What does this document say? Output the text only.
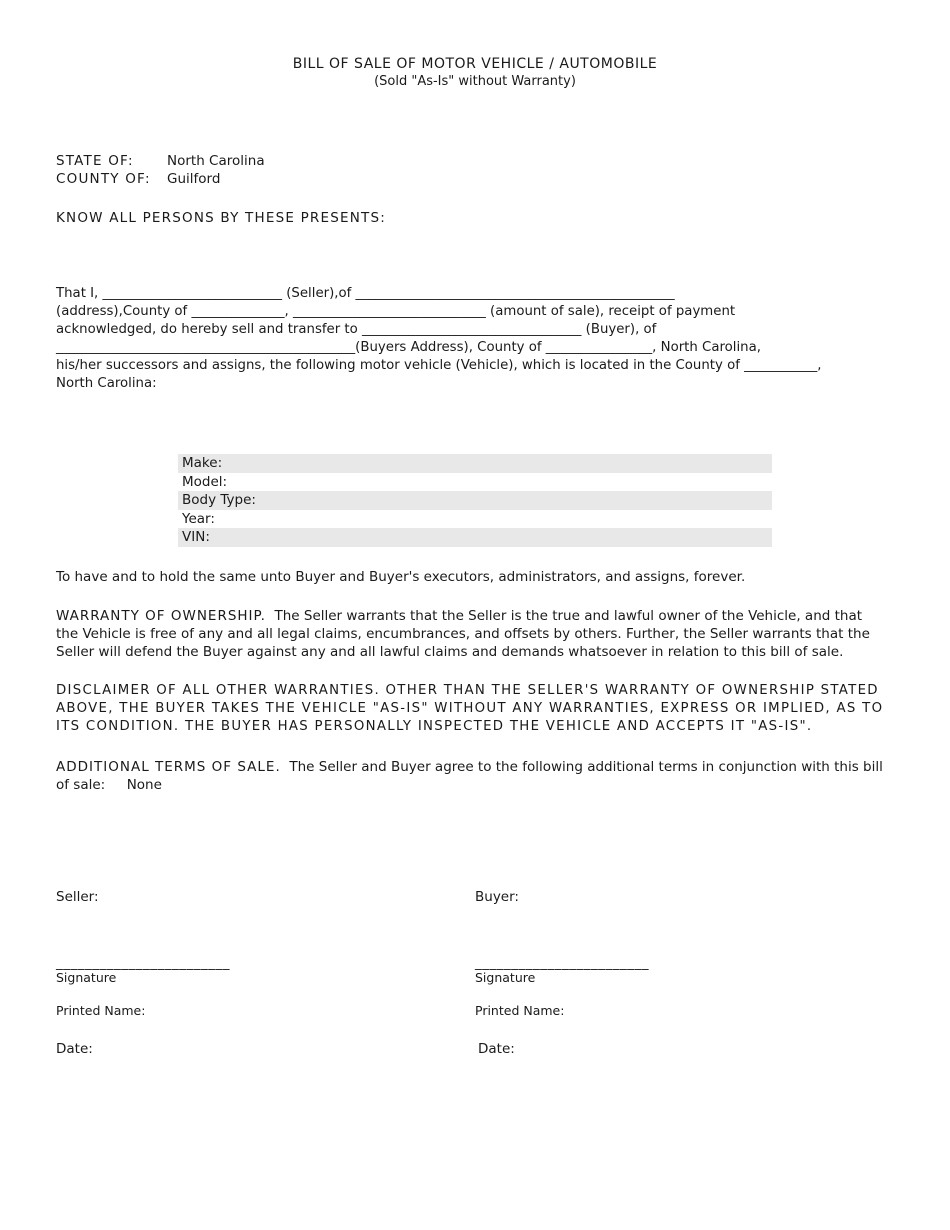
BILL OF SALE OF MOTOR VEHICLE / AUTOMOBILE
(Sold "As-Is" without Warranty)
STATE OF: North Carolina
COUNTY OF: Guilford
KNOW ALL PERSONS BY THESE PRESENTS:
That I, ___________________________ (Seller),of ________________________________________________
(address),County of ______________, _____________________________ (amount of sale), receipt of payment
acknowledged, do hereby sell and transfer to _________________________________ (Buyer), of
_____________________________________________(Buyers Address), County of ________________, North Carolina,
his/her successors and assigns, the following motor vehicle (Vehicle), which is located in the County of ___________,
North Carolina:
Make:
Model:
Body Type:
Year:
VIN:
To have and to hold the same unto Buyer and Buyer's executors, administrators, and assigns, forever.
WARRANTY OF OWNERSHIP. The Seller warrants that the Seller is the true and lawful owner of the Vehicle, and that
the Vehicle is free of any and all legal claims, encumbrances, and offsets by others. Further, the Seller warrants that the
Seller will defend the Buyer against any and all lawful claims and demands whatsoever in relation to this bill of sale.
DISCLAIMER OF ALL OTHER WARRANTIES. OTHER THAN THE SELLER'S WARRANTY OF OWNERSHIP STATED
ABOVE, THE BUYER TAKES THE VEHICLE "AS-IS" WITHOUT ANY WARRANTIES, EXPRESS OR IMPLIED, AS TO
ITS CONDITION. THE BUYER HAS PERSONALLY INSPECTED THE VEHICLE AND ACCEPTS IT "AS-IS".
ADDITIONAL TERMS OF SALE. The Seller and Buyer agree to the following additional terms in conjunction with this bill
of sale: None
Seller:
________________________
Signature
Printed Name:
Date:
Buyer:
________________________
Signature
Printed Name:
Date:
